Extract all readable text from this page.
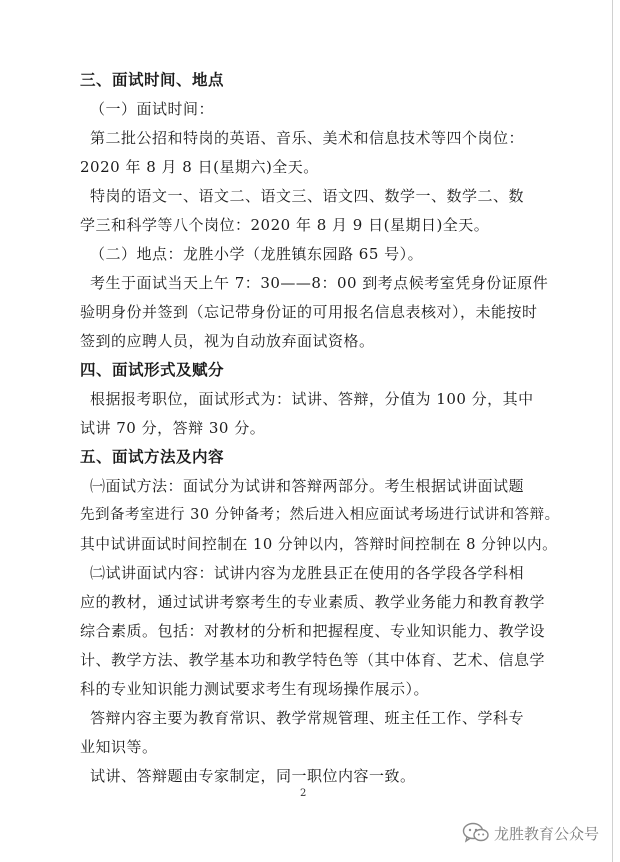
三、面试时间、地点
（一）面试时间：
第二批公招和特岗的英语、音乐、美术和信息技术等四个岗位：
2020 年 8 月 8 日(星期六)全天。
特岗的语文一、语文二、语文三、语文四、数学一、数学二、数
学三和科学等八个岗位：2020 年 8 月 9 日(星期日)全天。
（二）地点：龙胜小学（龙胜镇东园路 65 号）。
考生于面试当天上午 7：30——8：00 到考点候考室凭身份证原件
验明身份并签到（忘记带身份证的可用报名信息表核对），未能按时
签到的应聘人员，视为自动放弃面试资格。
四、面试形式及赋分
根据报考职位，面试形式为：试讲、答辩，分值为 100 分，其中
试讲 70 分，答辩 30 分。
五、面试方法及内容
㈠面试方法：面试分为试讲和答辩两部分。考生根据试讲面试题
先到备考室进行 30 分钟备考；然后进入相应面试考场进行试讲和答辩。
其中试讲面试时间控制在 10 分钟以内，答辩时间控制在 8 分钟以内。
㈡试讲面试内容：试讲内容为龙胜县正在使用的各学段各学科相
应的教材，通过试讲考察考生的专业素质、教学业务能力和教育教学
综合素质。包括：对教材的分析和把握程度、专业知识能力、教学设
计、教学方法、教学基本功和教学特色等（其中体育、艺术、信息学
科的专业知识能力测试要求考生有现场操作展示）。
答辩内容主要为教育常识、教学常规管理、班主任工作、学科专
业知识等。
试讲、答辩题由专家制定，同一职位内容一致。
2
龙胜教育公众号
